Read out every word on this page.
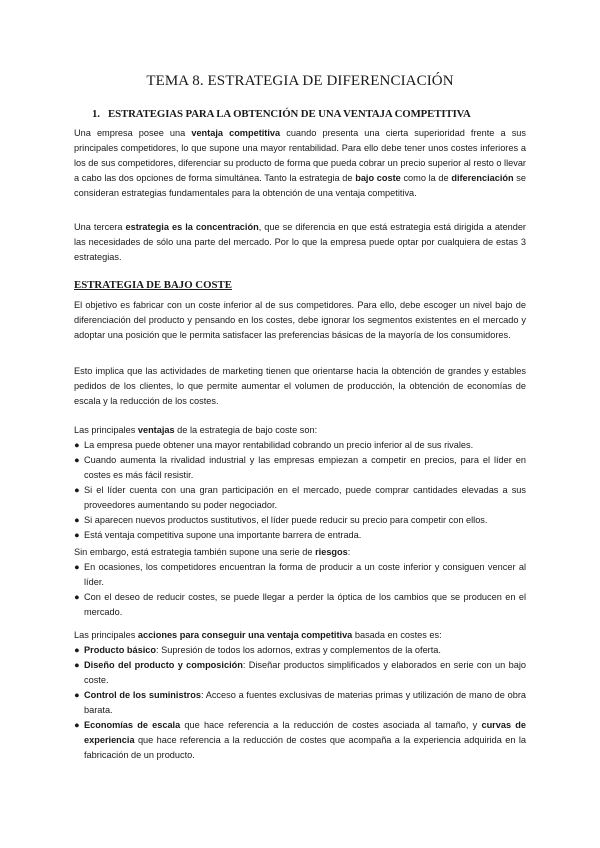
TEMA 8. ESTRATEGIA DE DIFERENCIACIÓN
1. ESTRATEGIAS PARA LA OBTENCIÓN DE UNA VENTAJA COMPETITIVA

Una empresa posee una ventaja competitiva cuando presenta una cierta superioridad frente a sus principales competidores, lo que supone una mayor rentabilidad. Para ello debe tener unos costes inferiores a los de sus competidores, diferenciar su producto de forma que pueda cobrar un precio superior al resto o llevar a cabo las dos opciones de forma simultánea. Tanto la estrategia de bajo coste como la de diferenciación se consideran estrategias fundamentales para la obtención de una ventaja competitiva.

Una tercera estrategia es la concentración, que se diferencia en que está estrategia está dirigida a atender las necesidades de sólo una parte del mercado. Por lo que la empresa puede optar por cualquiera de estas 3 estrategias.

ESTRATEGIA DE BAJO COSTE

El objetivo es fabricar con un coste inferior al de sus competidores. Para ello, debe escoger un nivel bajo de diferenciación del producto y pensando en los costes, debe ignorar los segmentos existentes en el mercado y adoptar una posición que le permita satisfacer las preferencias básicas de la mayoría de los consumidores.

Esto implica que las actividades de marketing tienen que orientarse hacia la obtención de grandes y estables pedidos de los clientes, lo que permite aumentar el volumen de producción, la obtención de economías de escala y la reducción de los costes.

Las principales ventajas de la estrategia de bajo coste son:

● La empresa puede obtener una mayor rentabilidad cobrando un precio inferior al de sus rivales.
● Cuando aumenta la rivalidad industrial y las empresas empiezan a competir en precios, para el líder en costes es más fácil resistir.
● Si el líder cuenta con una gran participación en el mercado, puede comprar cantidades elevadas a sus proveedores aumentando su poder negociador.
● Si aparecen nuevos productos sustitutivos, el líder puede reducir su precio para competir con ellos.
● Está ventaja competitiva supone una importante barrera de entrada.

Sin embargo, está estrategia también supone una serie de riesgos:

● En ocasiones, los competidores encuentran la forma de producir a un coste inferior y consiguen vencer al líder.
● Con el deseo de reducir costes, se puede llegar a perder la óptica de los cambios que se producen en el mercado.

Las principales acciones para conseguir una ventaja competitiva basada en costes es:

● Producto básico: Supresión de todos los adornos, extras y complementos de la oferta.
● Diseño del producto y composición: Diseñar productos simplificados y elaborados en serie con un bajo coste.
● Control de los suministros: Acceso a fuentes exclusivas de materias primas y utilización de mano de obra barata.
● Economías de escala que hace referencia a la reducción de costes asociada al tamaño, y curvas de experiencia que hace referencia a la reducción de costes que acompaña a la experiencia adquirida en la fabricación de un producto.
